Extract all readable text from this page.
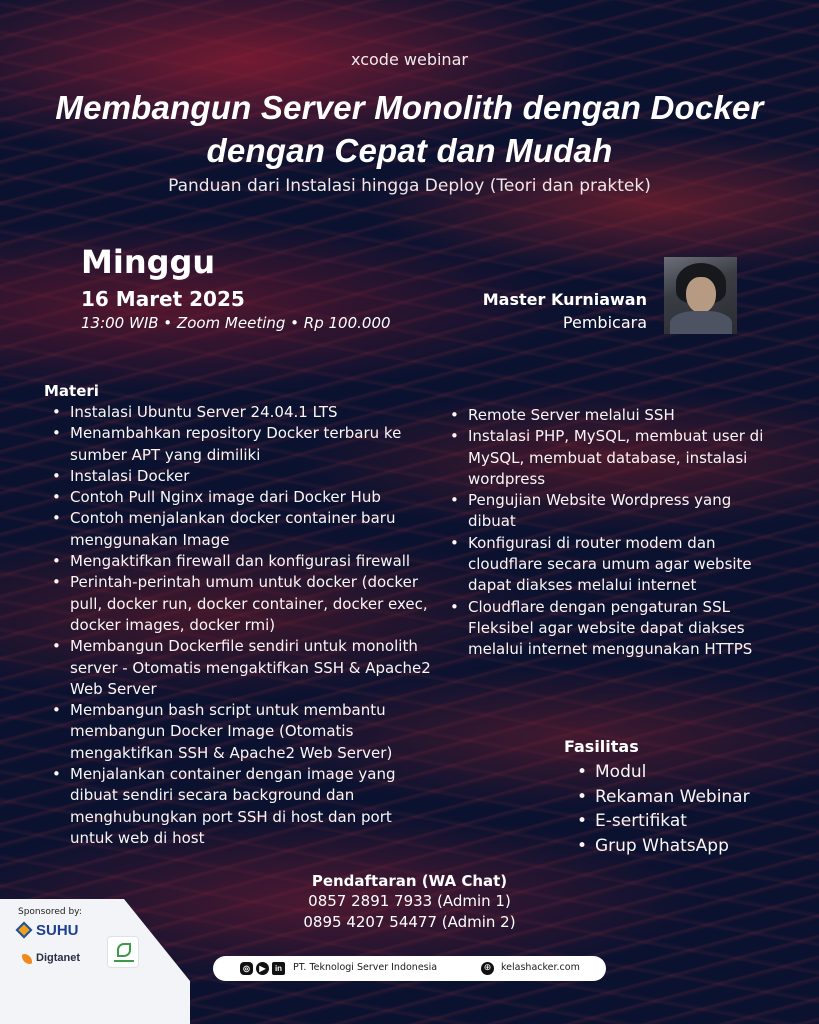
xcode webinar
Membangun Server Monolith dengan Docker dengan Cepat dan Mudah
Panduan dari Instalasi hingga Deploy (Teori dan praktek)
Minggu
16 Maret 2025
13:00 WIB • Zoom Meeting • Rp 100.000
Master Kurniawan
Pembicara
Materi
• Instalasi Ubuntu Server 24.04.1 LTS
• Menambahkan repository Docker terbaru ke sumber APT yang dimiliki
• Instalasi Docker
• Contoh Pull Nginx image dari Docker Hub
• Contoh menjalankan docker container baru menggunakan Image
• Mengaktifkan firewall dan konfigurasi firewall
• Perintah-perintah umum untuk docker (docker pull, docker run, docker container, docker exec, docker images, docker rmi)
• Membangun Dockerfile sendiri untuk monolith server - Otomatis mengaktifkan SSH & Apache2 Web Server
• Membangun bash script untuk membantu membangun Docker Image (Otomatis mengaktifkan SSH & Apache2 Web Server)
• Menjalankan container dengan image yang dibuat sendiri secara background dan menghubungkan port SSH di host dan port untuk web di host
• Remote Server melalui SSH
• Instalasi PHP, MySQL, membuat user di MySQL, membuat database, instalasi wordpress
• Pengujian Website Wordpress yang dibuat
• Konfigurasi di router modem dan cloudflare secara umum agar website dapat diakses melalui internet
• Cloudflare dengan pengaturan SSL Fleksibel agar website dapat diakses melalui internet menggunakan HTTPS
Fasilitas
• Modul
• Rekaman Webinar
• E-sertifikat
• Grup WhatsApp
Pendaftaran (WA Chat)
0857 2891 7933 (Admin 1)
0895 4207 54477 (Admin 2)
Sponsored by:
SUHU
Digtanet
◎	▶	in	PT. Teknologi Server Indonesia	⊕ kelashacker.com
